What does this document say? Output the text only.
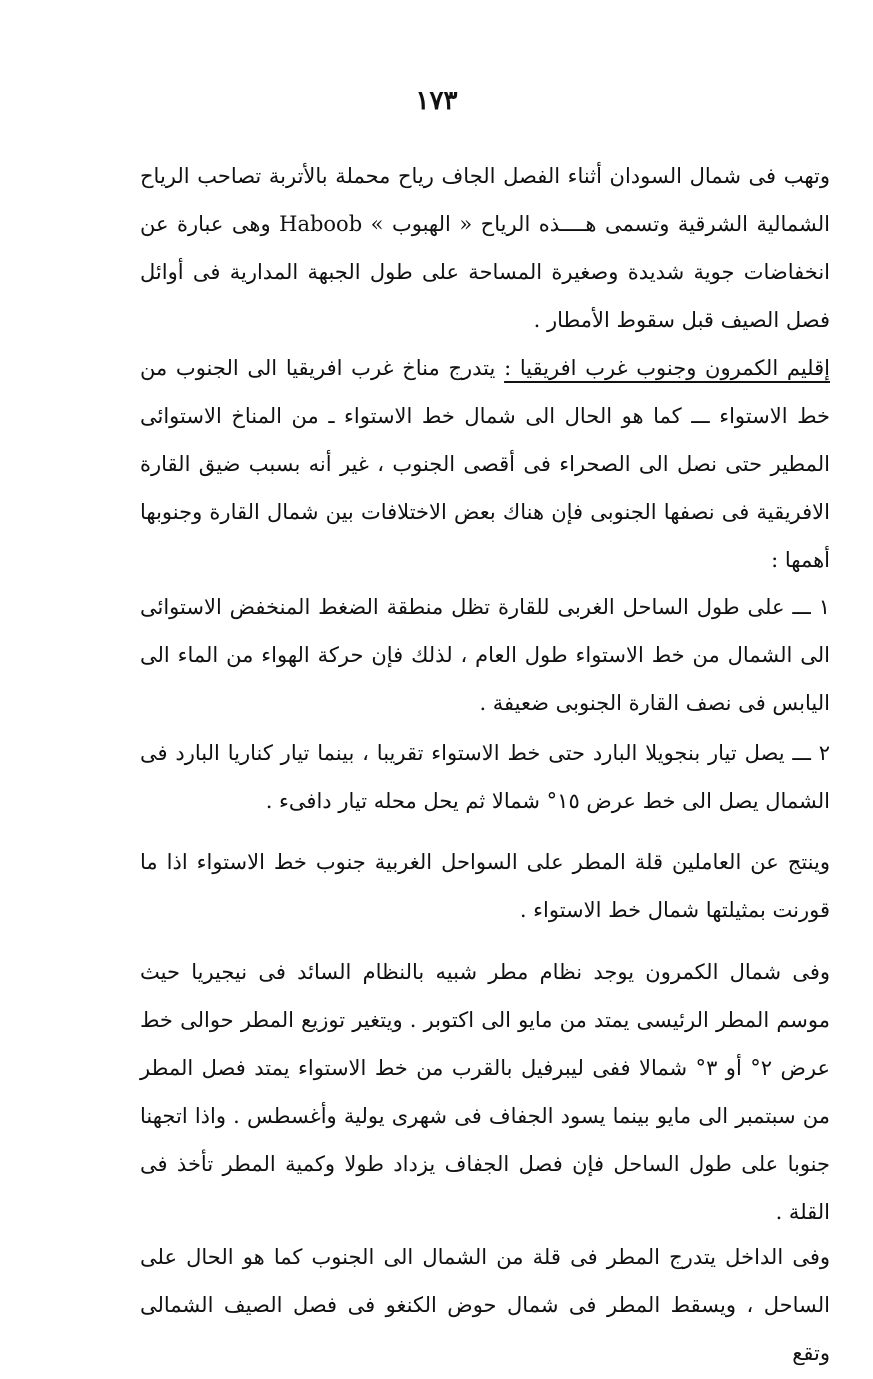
١٧٣

وتهب فى شمال السودان أثناء الفصل الجاف رياح محملة بالأتربة تصاحب الرياح الشمالية الشرقية وتسمى هــــذه الرياح « الهبوب » Haboob وهى عبارة عن انخفاضات جوية شديدة وصغيرة المساحة على طول الجبهة المدارية فى أوائل فصل الصيف قبل سقوط الأمطار .

إقليم الكمرون وجنوب غرب افريقيا : يتدرج مناخ غرب افريقيا الى الجنوب من خط الاستواء ـــ كما هو الحال الى شمال خط الاستواء ـ من المناخ الاستوائى المطير حتى نصل الى الصحراء فى أقصى الجنوب ، غير أنه بسبب ضيق القارة الافريقية فى نصفها الجنوبى فإن هناك بعض الاختلافات بين شمال القارة وجنوبها أهمها :

١ ـــ على طول الساحل الغربى للقارة تظل منطقة الضغط المنخفض الاستوائى الى الشمال من خط الاستواء طول العام ، لذلك فإن حركة الهواء من الماء الى اليابس فى نصف القارة الجنوبى ضعيفة .

٢ ـــ يصل تيار بنجويلا البارد حتى خط الاستواء تقريبا ، بينما تيار كناريا البارد فى الشمال يصل الى خط عرض ١٥° شمالا ثم يحل محله تيار دافىء .

وينتج عن العاملين قلة المطر على السواحل الغربية جنوب خط الاستواء اذا ما قورنت بمثيلتها شمال خط الاستواء .

وفى شمال الكمرون يوجد نظام مطر شبيه بالنظام السائد فى نيجيريا حيث موسم المطر الرئيسى يمتد من مايو الى اكتوبر . ويتغير توزيع المطر حوالى خط عرض ٢° أو ٣° شمالا ففى ليبرفيل بالقرب من خط الاستواء يمتد فصل المطر من سبتمبر الى مايو بينما يسود الجفاف فى شهرى يولية وأغسطس . واذا اتجهنا جنوبا على طول الساحل فإن فصل الجفاف يزداد طولا وكمية المطر تأخذ فى القلة .

وفى الداخل يتدرج المطر فى قلة من الشمال الى الجنوب كما هو الحال على الساحل ، ويسقط المطر فى شمال حوض الكنغو فى فصل الصيف الشمالى وتقع
